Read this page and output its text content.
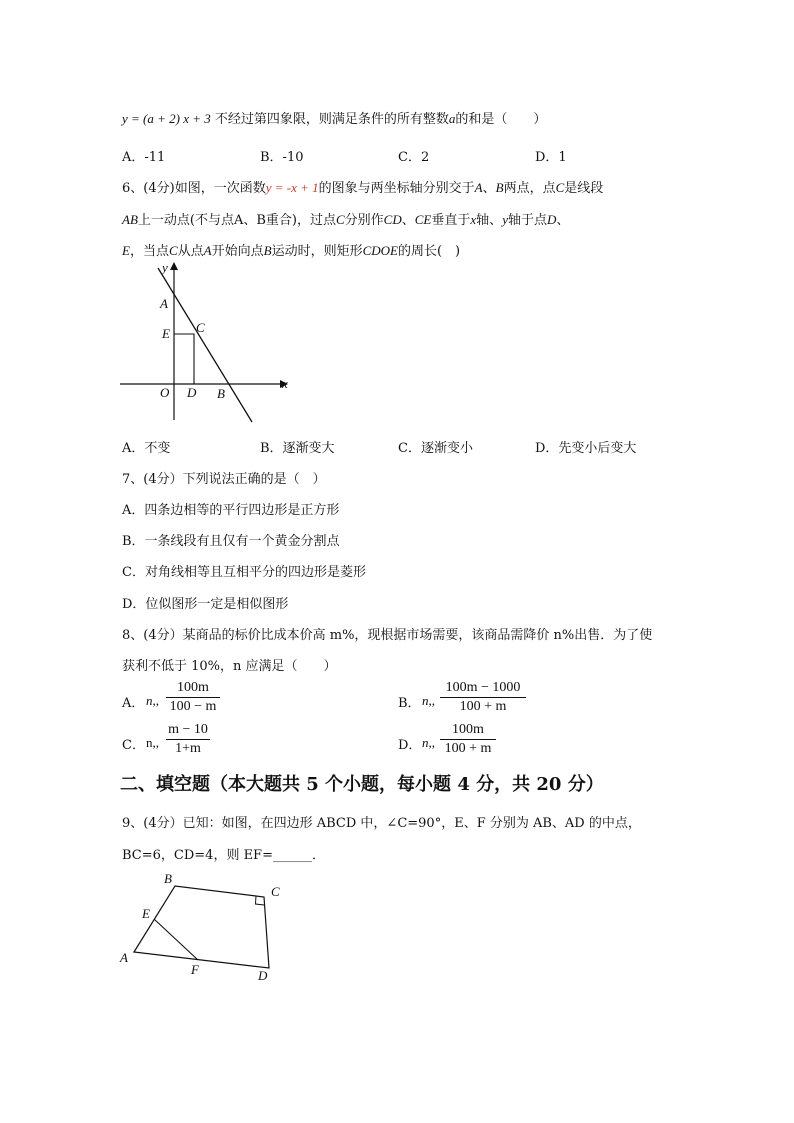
y = (a + 2) x + 3 不经过第四象限，则满足条件的所有整数a的和是（　　）
A．-11	B．-10	C．2	D．1
6、(4分)如图，一次函数y = -x + 1的图象与两坐标轴分别交于A、B两点，点C是线段
AB上一动点(不与点A、B重合)，过点C分别作CD、CE垂直于x轴、y轴于点D、
E，当点C从点A开始向点B运动时，则矩形CDOE的周长(　)
y
A
E C
O D B
x
A．不变	B．逐渐变大	C．逐渐变小	D．先变小后变大
7、(4分）下列说法正确的是（　）
A．四条边相等的平行四边形是正方形
B．一条线段有且仅有一个黄金分割点
C．对角线相等且互相平分的四边形是菱形
D．位似图形一定是相似图形
8、(4分）某商品的标价比成本价高 m%，现根据市场需要，该商品需降价 n%出售．为了使
获利不低于 10%，n 应满足（　　）
A． n,, $\frac{100m}{100 - m}$	B． n,, $\frac{100m - 1000}{100 + m}$
C． n,, $\frac{m - 10}{1+m}$	D． n,, $\frac{100m}{100 + m}$
二、填空题（本大题共 5 个小题，每小题 4 分，共 20 分）
9、(4分）已知：如图，在四边形 ABCD 中，∠C=90°，E、F 分别为 AB、AD 的中点，
BC=6，CD=4，则 EF=______．
B
C
E
A
F	D
